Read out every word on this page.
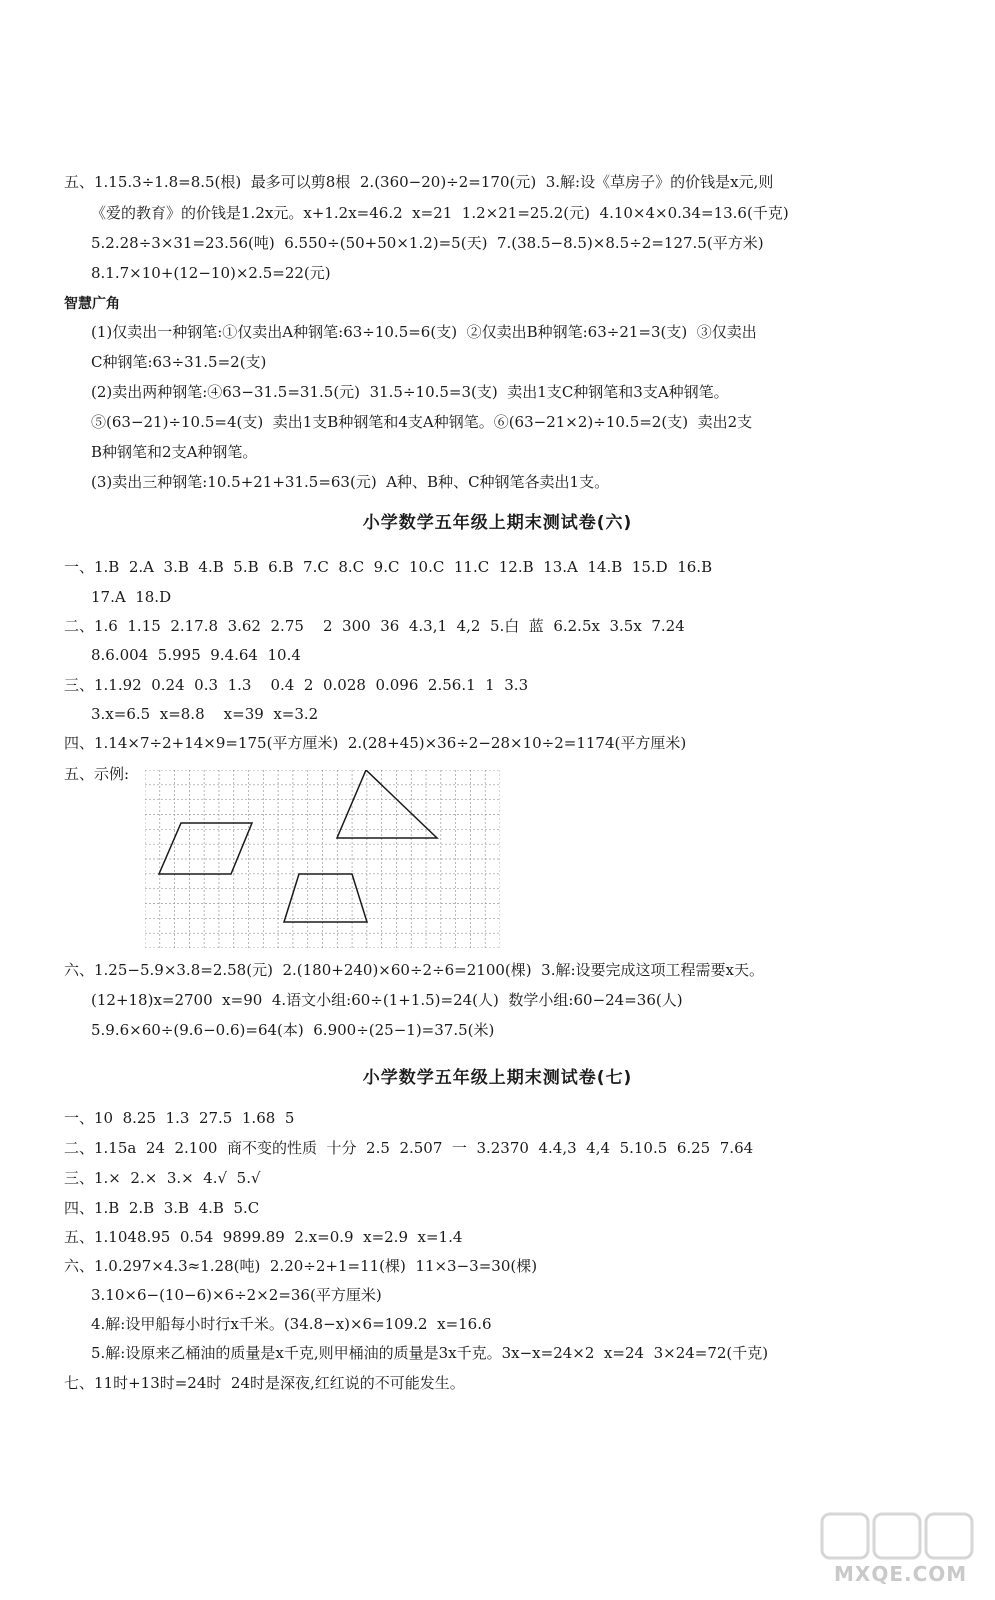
五、1.15.3÷1.8=8.5(根)  最多可以剪8根  2.(360−20)÷2=170(元)  3.解:设《草房子》的价钱是x元,则
《爱的教育》的价钱是1.2x元。x+1.2x=46.2  x=21  1.2×21=25.2(元)  4.10×4×0.34=13.6(千克)
5.2.28÷3×31=23.56(吨)  6.550÷(50+50×1.2)=5(天)  7.(38.5−8.5)×8.5÷2=127.5(平方米)
8.1.7×10+(12−10)×2.5=22(元)
智慧广角
(1)仅卖出一种钢笔:①仅卖出A种钢笔:63÷10.5=6(支)  ②仅卖出B种钢笔:63÷21=3(支)  ③仅卖出
C种钢笔:63÷31.5=2(支)
(2)卖出两种钢笔:④63−31.5=31.5(元)  31.5÷10.5=3(支)  卖出1支C种钢笔和3支A种钢笔。
⑤(63−21)÷10.5=4(支)  卖出1支B种钢笔和4支A种钢笔。⑥(63−21×2)÷10.5=2(支)  卖出2支
B种钢笔和2支A种钢笔。
(3)卖出三种钢笔:10.5+21+31.5=63(元)  A种、B种、C种钢笔各卖出1支。
小学数学五年级上期末测试卷(六)
一、1.B  2.A  3.B  4.B  5.B  6.B  7.C  8.C  9.C  10.C  11.C  12.B  13.A  14.B  15.D  16.B
17.A  18.D
二、1.6  1.15  2.17.8  3.62  2.75    2  300  36  4.3,1  4,2  5.白  蓝  6.2.5x  3.5x  7.24
8.6.004  5.995  9.4.64  10.4
三、1.1.92  0.24  0.3  1.3    0.4  2  0.028  0.096  2.56.1  1  3.3
3.x=6.5  x=8.8    x=39  x=3.2
四、1.14×7÷2+14×9=175(平方厘米)  2.(28+45)×36÷2−28×10÷2=1174(平方厘米)
五、示例:
六、1.25−5.9×3.8=2.58(元)  2.(180+240)×60÷2÷6=2100(棵)  3.解:设要完成这项工程需要x天。
(12+18)x=2700  x=90  4.语文小组:60÷(1+1.5)=24(人)  数学小组:60−24=36(人)
5.9.6×60÷(9.6−0.6)=64(本)  6.900÷(25−1)=37.5(米)
小学数学五年级上期末测试卷(七)
一、10  8.25  1.3  27.5  1.68  5
二、1.15a  24  2.100  商不变的性质  十分  2.5  2.507  一  3.2370  4.4,3  4,4  5.10.5  6.25  7.64
三、1.×  2.×  3.×  4.√  5.√
四、1.B  2.B  3.B  4.B  5.C
五、1.1048.95  0.54  9899.89  2.x=0.9  x=2.9  x=1.4
六、1.0.297×4.3≈1.28(吨)  2.20÷2+1=11(棵)  11×3−3=30(棵)
3.10×6−(10−6)×6÷2×2=36(平方厘米)
4.解:设甲船每小时行x千米。(34.8−x)×6=109.2  x=16.6
5.解:设原来乙桶油的质量是x千克,则甲桶油的质量是3x千克。3x−x=24×2  x=24  3×24=72(千克)
七、11时+13时=24时  24时是深夜,红红说的不可能发生。
MXQE.COM
